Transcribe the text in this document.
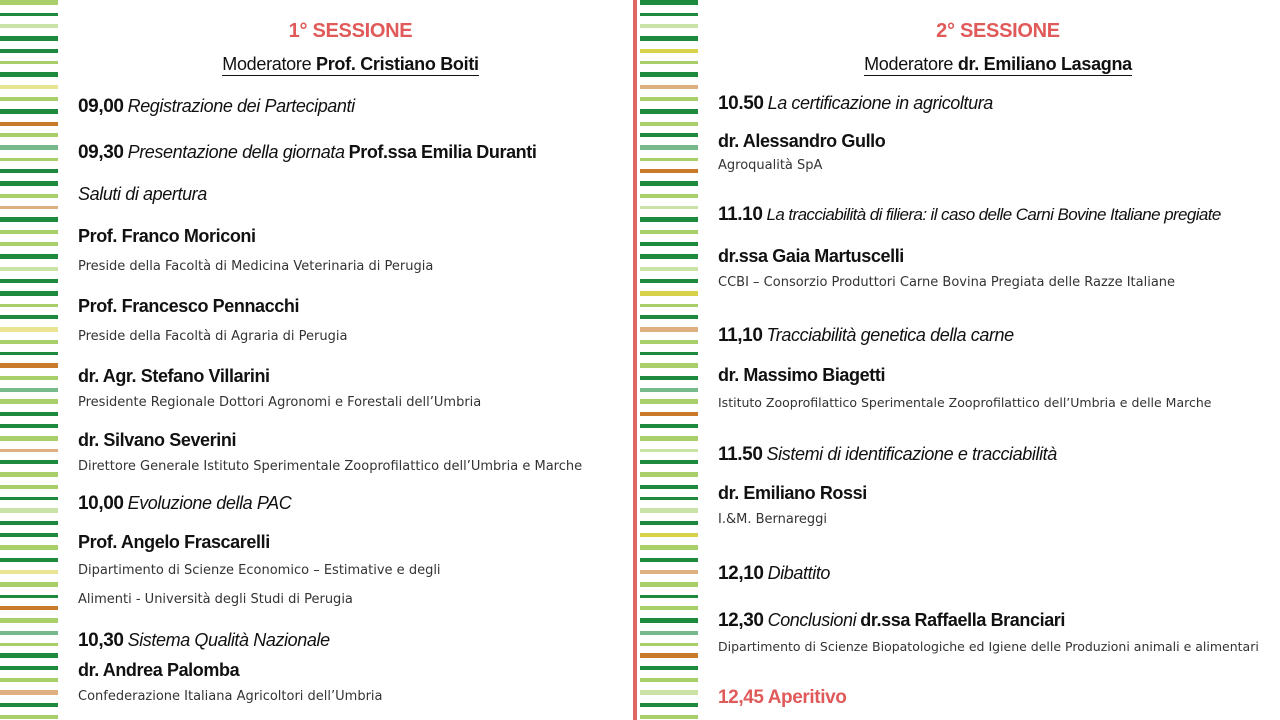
1° SESSIONE
Moderatore Prof. Cristiano Boiti
09,00 Registrazione dei Partecipanti
09,30 Presentazione della giornata Prof.ssa Emilia Duranti
Saluti di apertura
Prof. Franco Moriconi
Preside della Facoltà di Medicina Veterinaria di Perugia
Prof. Francesco Pennacchi
Preside della Facoltà di Agraria di Perugia
dr. Agr. Stefano Villarini
Presidente Regionale Dottori Agronomi e Forestali dell’Umbria
dr. Silvano Severini
Direttore Generale Istituto Sperimentale Zooprofilattico dell’Umbria e Marche
10,00 Evoluzione della PAC
Prof. Angelo Frascarelli
Dipartimento di Scienze Economico – Estimative e degli
Alimenti - Università degli Studi di Perugia
10,30 Sistema Qualità Nazionale
dr. Andrea Palomba
Confederazione Italiana Agricoltori dell’Umbria
2° SESSIONE
Moderatore dr. Emiliano Lasagna
10.50 La certificazione in agricoltura
dr. Alessandro Gullo
Agroqualità SpA
11.10 La tracciabilità di filiera: il caso delle Carni Bovine Italiane pregiate
dr.ssa Gaia Martuscelli
CCBI – Consorzio Produttori Carne Bovina Pregiata delle Razze Italiane
11,10 Tracciabilità genetica della carne
dr. Massimo Biagetti
Istituto Zooprofilattico Sperimentale Zooprofilattico dell’Umbria e delle Marche
11.50 Sistemi di identificazione e tracciabilità
dr. Emiliano Rossi
I.&M. Bernareggi
12,10 Dibattito
12,30 Conclusioni dr.ssa Raffaella Branciari
Dipartimento di Scienze Biopatologiche ed Igiene delle Produzioni animali e alimentari
12,45 Aperitivo
